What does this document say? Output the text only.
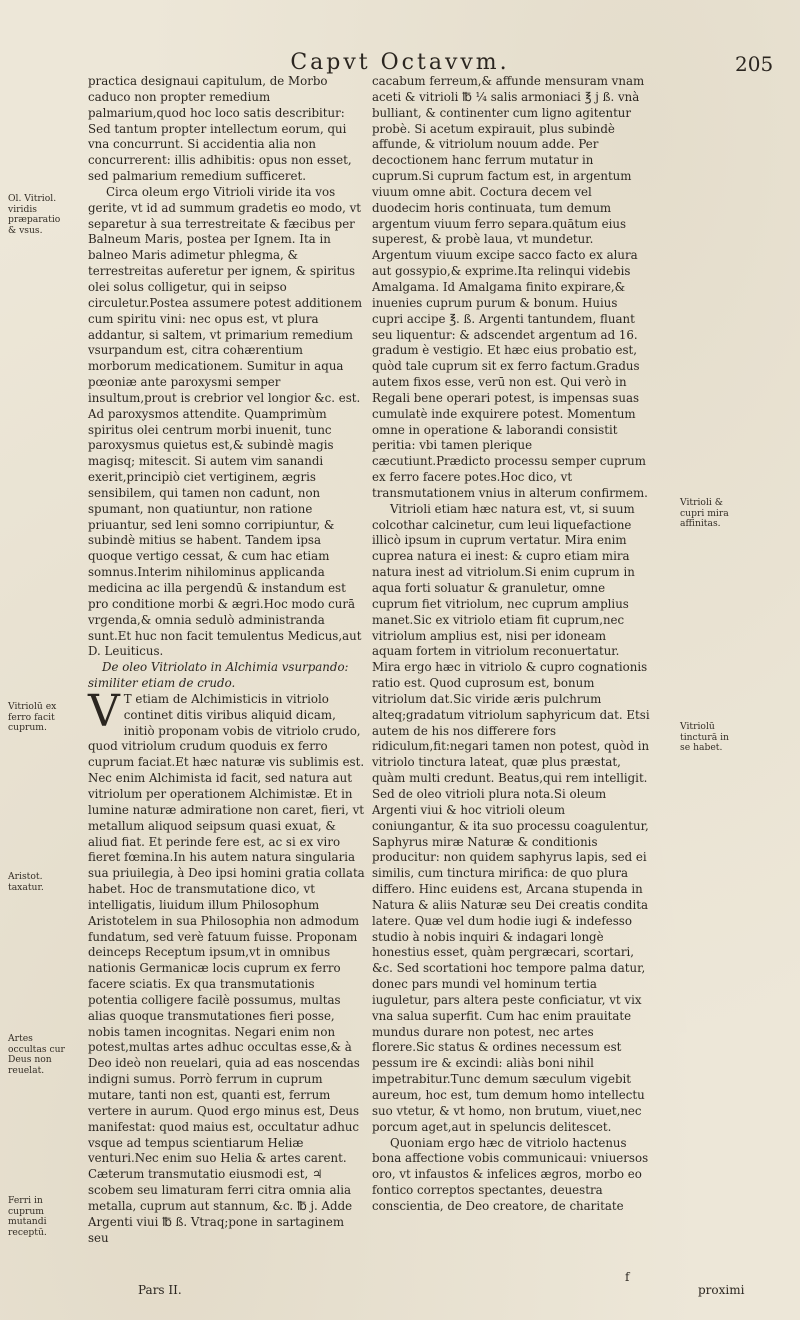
Capvt Octavvm.	205
Ol. Vitriol. viridis præparatio & vsus.
Vitriolū ex ferro facit cuprum.
Aristot. taxatur.
Artes occultas cur Deus non reuelat.
Ferri in cuprum mutandi receptū.
Vitrioli & cupri mira affinitas.
Vitriolū tincturā in se habet.

practica designaui capitulum, de Morbo caduco non propter remedium palmarium,quod hoc loco satis describitur: Sed tantum propter intellectum eorum, qui vna concurrunt. Si accidentia alia non concurrerent: illis adhibitis: opus non esset, sed palmarium remedium sufficeret.

Circa oleum ergo Vitrioli viride ita vos gerite, vt id ad summum gradetis eo modo, vt separetur à sua terrestreitate & fæcibus per Balneum Maris, postea per Ignem. Ita in balneo Maris adimetur phlegma, & terrestreitas auferetur per ignem, & spiritus olei solus colligetur, qui in seipso circuletur.Postea assumere potest additionem cum spiritu vini: nec opus est, vt plura addantur, si saltem, vt primarium remedium vsurpandum est, citra cohærentium morborum medicationem. Sumitur in aqua pœoniæ ante paroxysmi semper insultum,prout is crebrior vel longior &c. est. Ad paroxysmos attendite. Quamprimùm spiritus olei centrum morbi inuenit, tunc paroxysmus quietus est,& subindè magis magisq; mitescit. Si autem vim sanandi exerit,principiò ciet vertiginem, ægris sensibilem, qui tamen non cadunt, non spumant, non quatiuntur, non ratione priuantur, sed leni somno corripiuntur, & subindè mitius se habent. Tandem ipsa quoque vertigo cessat, & cum hac etiam somnus.Interim nihilominus applicanda medicina ac illa pergendū & instandum est pro conditione morbi & ægri.Hoc modo curā vrgenda,& omnia sedulò administranda sunt.Et huc non facit temulentus Medicus,aut D. Leuiticus.

De oleo Vitriolato in Alchimia vsurpando: similiter etiam de crudo.

V T etiam de Alchimisticis in vitriolo continet ditis viribus aliquid dicam, initiò proponam vobis de vitriolo crudo, quod vitriolum crudum quoduis ex ferro cuprum faciat.Et hæc naturæ vis sublimis est. Nec enim Alchimista id facit, sed natura aut vitriolum per operationem Alchimistæ. Et in lumine naturæ admiratione non caret, fieri, vt metallum aliquod seipsum quasi exuat, & aliud fiat. Et perinde fere est, ac si ex viro fieret fœmina.In his autem natura singularia sua priuilegia, à Deo ipsi homini gratia collata habet. Hoc de transmutatione dico, vt intelligatis, liuidum illum Philosophum Aristotelem in sua Philosophia non admodum fundatum, sed verè fatuum fuisse. Proponam deinceps Receptum ipsum,vt in omnibus nationis Germanicæ locis cuprum ex ferro facere sciatis. Ex qua transmutationis potentia colligere facilè possumus, multas alias quoque transmutationes fieri posse, nobis tamen incognitas. Negari enim non potest,multas artes adhuc occultas esse,& à Deo ideò non reuelari, quia ad eas noscendas indigni sumus. Porrò ferrum in cuprum mutare, tanti non est, quanti est, ferrum vertere in aurum. Quod ergo minus est, Deus manifestat: quod maius est, occultatur adhuc vsque ad tempus scientiarum Heliæ venturi.Nec enim suo Helia & artes carent. Cæterum transmutatio eiusmodi est, ♃ scobem seu limaturam ferri citra omnia alia metalla, cuprum aut stannum, &c. ℔ j. Adde Argenti viui ℔ ß. Vtraq;pone in sartaginem seu

cacabum ferreum,& affunde mensuram vnam aceti & vitrioli ℔ ¼ salis armoniaci ℥ j ß. vnà bulliant, & continenter cum ligno agitentur probè. Si acetum expirauit, plus subindè affunde, & vitriolum nouum adde. Per decoctionem hanc ferrum mutatur in cuprum.Si cuprum factum est, in argentum viuum omne abit. Coctura decem vel duodecim horis continuata, tum demum argentum viuum ferro separa.quātum eius superest, & probè laua, vt mundetur. Argentum viuum excipe sacco facto ex alura aut gossypio,& exprime.Ita relinqui videbis Amalgama. Id Amalgama finito expirare,& inuenies cuprum purum & bonum. Huius cupri accipe ℥. ß. Argenti tantundem, fluant seu liquentur: & adscendet argentum ad 16. gradum è vestigio. Et hæc eius probatio est, quòd tale cuprum sit ex ferro factum.Gradus autem fixos esse, verū non est. Qui verò in Regali bene operari potest, is impensas suas cumulatè inde exquirere potest. Momentum omne in operatione & laborandi consistit peritia: vbi tamen plerique cæcutiunt.Prædicto processu semper cuprum ex ferro facere potes.Hoc dico, vt transmutationem vnius in alterum confirmem.

Vitrioli etiam hæc natura est, vt, si suum colcothar calcinetur, cum leui liquefactione illicò ipsum in cuprum vertatur. Mira enim cuprea natura ei inest: & cupro etiam mira natura inest ad vitriolum.Si enim cuprum in aqua forti soluatur & granuletur, omne cuprum fiet vitriolum, nec cuprum amplius manet.Sic ex vitriolo etiam fit cuprum,nec vitriolum amplius est, nisi per idoneam aquam fortem in vitriolum reconuertatur. Mira ergo hæc in vitriolo & cupro cognationis ratio est. Quod cuprosum est, bonum vitriolum dat.Sic viride æris pulchrum alteq;gradatum vitriolum saphyricum dat. Etsi autem de his nos differere fors ridiculum,fit:negari tamen non potest, quòd in vitriolo tinctura lateat, quæ plus præstat, quàm multi credunt. Beatus,qui rem intelligit. Sed de oleo vitrioli plura nota.Si oleum Argenti viui & hoc vitrioli oleum coniungantur, & ita suo processu coagulentur, Saphyrus miræ Naturæ & conditionis producitur: non quidem saphyrus lapis, sed ei similis, cum tinctura mirifica: de quo plura differo. Hinc euidens est, Arcana stupenda in Natura & aliis Naturæ seu Dei creatis condita latere. Quæ vel dum hodie iugi & indefesso studio à nobis inquiri & indagari longè honestius esset, quàm pergræcari, scortari, &c. Sed scortationi hoc tempore palma datur, donec pars mundi vel hominum tertia iuguletur, pars altera peste conficiatur, vt vix vna salua superfit. Cum hac enim prauitate mundus durare non potest, nec artes florere.Sic status & ordines necessum est pessum ire & excindi: aliàs boni nihil impetrabitur.Tunc demum sæculum vigebit aureum, hoc est, tum demum homo intellectu suo vtetur, & vt homo, non brutum, viuet,nec porcum aget,aut in speluncis delitescet.

Quoniam ergo hæc de vitriolo hactenus bona affectione vobis communicaui: vniuersos oro, vt infaustos & infelices ægros, morbo eo fontico correptos spectantes, deuestra conscientia, de Deo creatore, de charitate

Pars II.
f
proximi
